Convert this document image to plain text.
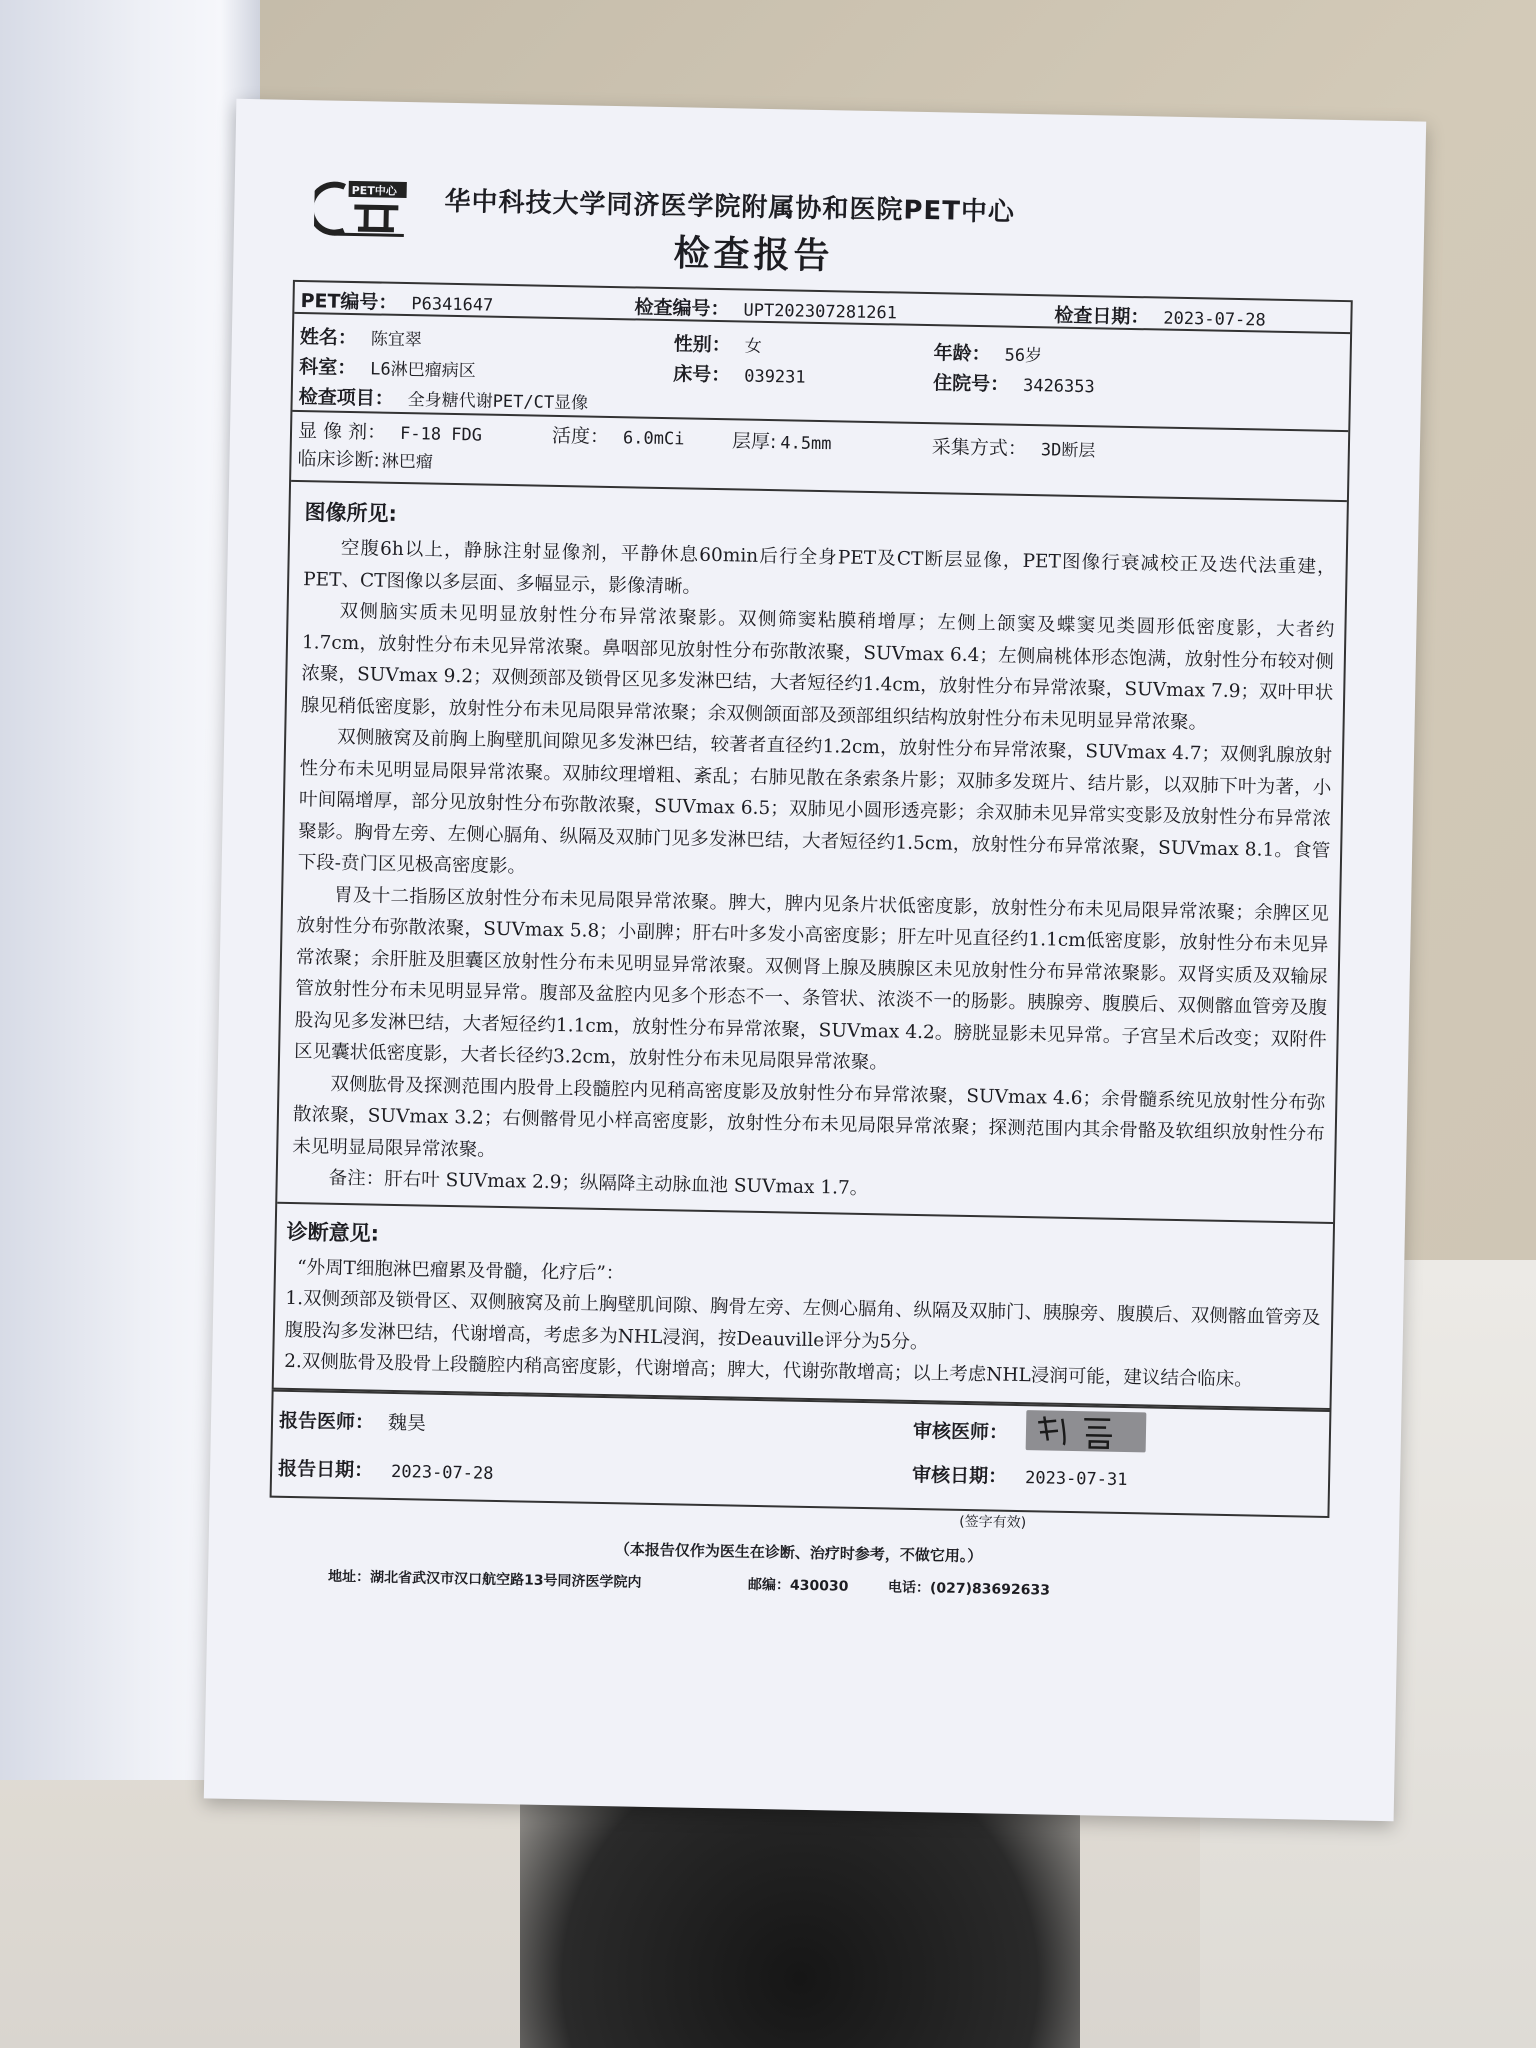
PET中心 华中科技大学同济医学院附属协和医院PET中心
检查报告
PET编号： P6341647	检查编号： UPT202307281261	检查日期： 2023-07-28
姓名： 陈宜翠	性别： 女	年龄： 56岁
科室： L6淋巴瘤病区	床号： 039231	住院号： 3426353
检查项目： 全身糖代谢PET/CT显像
显 像 剂： F-18 FDG	活度： 6.0mCi 层厚: 4.5mm	采集方式： 3D断层
临床诊断:淋巴瘤
图像所见:

空腹6h以上，静脉注射显像剂，平静休息60min后行全身PET及CT断层显像，PET图像行衰减校正及迭代法重建，PET、CT图像以多层面、多幅显示，影像清晰。

双侧脑实质未见明显放射性分布异常浓聚影。双侧筛窦粘膜稍增厚；左侧上颌窦及蝶窦见类圆形低密度影，大者约1.7cm，放射性分布未见异常浓聚。鼻咽部见放射性分布弥散浓聚，SUVmax 6.4；左侧扁桃体形态饱满，放射性分布较对侧浓聚，SUVmax 9.2；双侧颈部及锁骨区见多发淋巴结，大者短径约1.4cm，放射性分布异常浓聚，SUVmax 7.9；双叶甲状腺见稍低密度影，放射性分布未见局限异常浓聚；余双侧颌面部及颈部组织结构放射性分布未见明显异常浓聚。

双侧腋窝及前胸上胸壁肌间隙见多发淋巴结，较著者直径约1.2cm，放射性分布异常浓聚，SUVmax 4.7；双侧乳腺放射性分布未见明显局限异常浓聚。双肺纹理增粗、紊乱；右肺见散在条索条片影；双肺多发斑片、结片影，以双肺下叶为著，小叶间隔增厚，部分见放射性分布弥散浓聚，SUVmax 6.5；双肺见小圆形透亮影；余双肺未见异常实变影及放射性分布异常浓聚影。胸骨左旁、左侧心膈角、纵隔及双肺门见多发淋巴结，大者短径约1.5cm，放射性分布异常浓聚，SUVmax 8.1。食管下段-贲门区见极高密度影。

胃及十二指肠区放射性分布未见局限异常浓聚。脾大，脾内见条片状低密度影，放射性分布未见局限异常浓聚；余脾区见放射性分布弥散浓聚，SUVmax 5.8；小副脾；肝右叶多发小高密度影；肝左叶见直径约1.1cm低密度影，放射性分布未见异常浓聚；余肝脏及胆囊区放射性分布未见明显异常浓聚。双侧肾上腺及胰腺区未见放射性分布异常浓聚影。双肾实质及双输尿管放射性分布未见明显异常。腹部及盆腔内见多个形态不一、条管状、浓淡不一的肠影。胰腺旁、腹膜后、双侧髂血管旁及腹股沟见多发淋巴结，大者短径约1.1cm，放射性分布异常浓聚，SUVmax 4.2。膀胱显影未见异常。子宫呈术后改变；双附件区见囊状低密度影，大者长径约3.2cm，放射性分布未见局限异常浓聚。

双侧肱骨及探测范围内股骨上段髓腔内见稍高密度影及放射性分布异常浓聚，SUVmax 4.6；余骨髓系统见放射性分布弥散浓聚，SUVmax 3.2；右侧髂骨见小样高密度影，放射性分布未见局限异常浓聚；探测范围内其余骨骼及软组织放射性分布未见明显局限异常浓聚。

备注：肝右叶 SUVmax 2.9；纵隔降主动脉血池 SUVmax 1.7。

诊断意见:

“外周T细胞淋巴瘤累及骨髓，化疗后”：

1.双侧颈部及锁骨区、双侧腋窝及前上胸壁肌间隙、胸骨左旁、左侧心膈角、纵隔及双肺门、胰腺旁、腹膜后、双侧髂血管旁及腹股沟多发淋巴结，代谢增高，考虑多为NHL浸润，按Deauville评分为5分。

2.双侧肱骨及股骨上段髓腔内稍高密度影，代谢增高；脾大，代谢弥散增高；以上考虑NHL浸润可能，建议结合临床。

报告医师： 魏昊	审核医师：
报告日期： 2023-07-28	审核日期： 2023-07-31
(签字有效)
（本报告仅作为医生在诊断、治疗时参考，不做它用。）
地址：湖北省武汉市汉口航空路13号同济医学院内	邮编：430030	电话：(027)83692633
